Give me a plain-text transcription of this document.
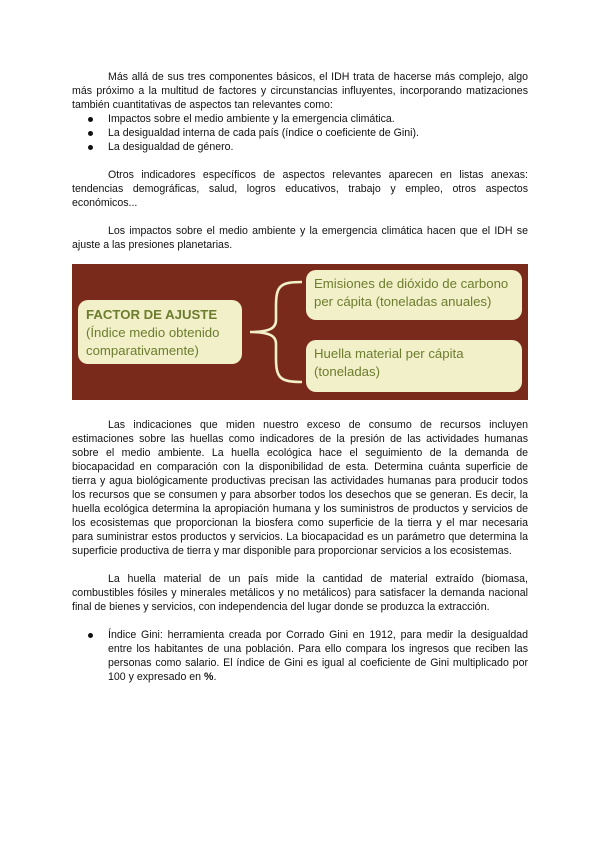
Más allá de sus tres componentes básicos, el IDH trata de hacerse más complejo, algo más próximo a la multitud de factores y circunstancias influyentes, incorporando matizaciones también cuantitativas de aspectos tan relevantes como:

Impactos sobre el medio ambiente y la emergencia climática.
La desigualdad interna de cada país (índice o coeficiente de Gini).
La desigualdad de género.

Otros indicadores específicos de aspectos relevantes aparecen en listas anexas: tendencias demográficas, salud, logros educativos, trabajo y empleo, otros aspectos económicos...

Los impactos sobre el medio ambiente y la emergencia climática hacen que el IDH se ajuste a las presiones planetarias.

FACTOR DE AJUSTE
(Índice medio obtenido comparativamente)
Emisiones de dióxido de carbono per cápita (toneladas anuales)
Huella material per cápita (toneladas)

Las indicaciones que miden nuestro exceso de consumo de recursos incluyen estimaciones sobre las huellas como indicadores de la presión de las actividades humanas sobre el medio ambiente. La huella ecológica hace el seguimiento de la demanda de biocapacidad en comparación con la disponibilidad de esta. Determina cuánta superficie de tierra y agua biológicamente productivas precisan las actividades humanas para producir todos los recursos que se consumen y para absorber todos los desechos que se generan. Es decir, la huella ecológica determina la apropiación humana y los suministros de productos y servicios de los ecosistemas que proporcionan la biosfera como superficie de la tierra y el mar necesaria para suministrar estos productos y servicios. La biocapacidad es un parámetro que determina la superficie productiva de tierra y mar disponible para proporcionar servicios a los ecosistemas.

La huella material de un país mide la cantidad de material extraído (biomasa, combustibles fósiles y minerales metálicos y no metálicos) para satisfacer la demanda nacional final de bienes y servicios, con independencia del lugar donde se produzca la extracción.

Índice Gini: herramienta creada por Corrado Gini en 1912, para medir la desigualdad entre los habitantes de una población. Para ello compara los ingresos que reciben las personas como salario. El índice de Gini es igual al coeficiente de Gini multiplicado por 100 y expresado en %.
